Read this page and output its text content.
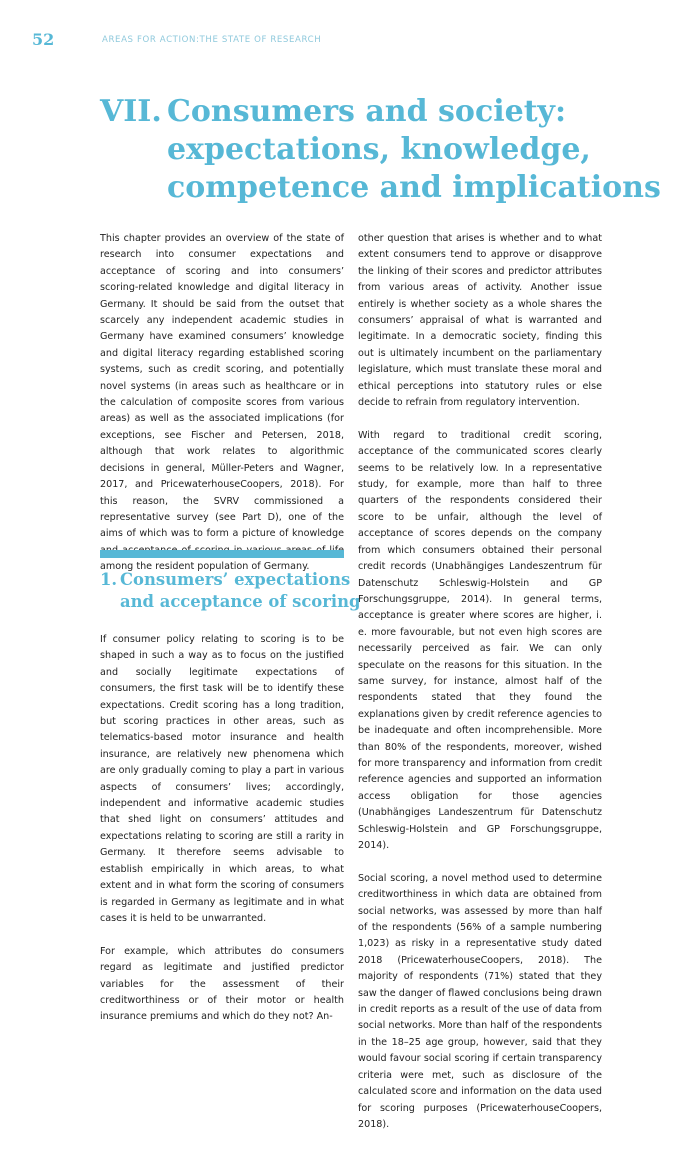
52	AREAS FOR ACTION:THE STATE OF RESEARCH
VII. Consumers and society:
expectations, knowledge,
competence and implications

This chapter provides an overview of the state of research into consumer expectations and acceptance of scoring and into consumers’ scoring-related knowledge and digital literacy in Germany. It should be said from the outset that scarcely any independent academic studies in Germany have examined consumers’ knowledge and digital literacy regarding established scoring systems, such as credit scoring, and potentially novel systems (in areas such as healthcare or in the calculation of composite scores from various areas) as well as the associated implications (for exceptions, see Fischer and Petersen, 2018, although that work relates to algorithmic decisions in general, Müller-Peters and Wagner, 2017, and PricewaterhouseCoopers, 2018). For this reason, the SVRV commissioned a representative survey (see Part D), one of the aims of which was to form a picture of knowledge among the resident population of Germany.

1. Consumers’ expectations
and acceptance of scoring

If consumer policy relating to scoring is to be shaped in such a way as to focus on the justified and socially legitimate expectations of consumers, the first task will be to identify these expectations. Credit scoring has a long tradition, but scoring practices in other areas, such as telematics-based motor insurance and health insurance, are relatively new phenomena which are only gradually coming to play a part in various aspects of consumers’ lives; accordingly, independent and informative academic studies that shed light on consumers’ attitudes and expectations relating to scoring are still a rarity in Germany. It therefore seems advisable to establish empirically in which areas, to what extent and in what form the scoring of consumers is regarded in Germany as legitimate and in what cases it is held to be unwarranted.

For example, which attributes do consumers regard as legitimate and justified predictor variables for the assessment of their creditworthiness or of their motor or health insurance premiums and which do they not? An-

other question that arises is whether and to what extent consumers tend to approve or disapprove the linking of their scores and predictor attributes from various areas of activity. Another issue entirely is whether society as a whole shares the consumers’ appraisal of what is warranted and legitimate. In a democratic society, finding this out is ultimately incumbent on the parliamentary legislature, which must translate these moral and ethical perceptions into statutory rules or else decide to refrain from regulatory intervention.

With regard to traditional credit scoring, acceptance of the communicated scores clearly seems to be relatively low. In a representative study, for example, more than half to three quarters of the respondents considered their score to be unfair, although the level of acceptance of scores depends on the company from which consumers obtained their personal credit records (Unabhängiges Landeszentrum für Datenschutz Schleswig-Holstein and GP Forschungsgruppe, 2014). In general terms, acceptance is greater where scores are higher, i. e. more favourable, but not even high scores are necessarily perceived as fair. We can only speculate on the reasons for this situation. In the same survey, for instance, almost half of the respondents stated that they found the explanations given by credit reference agencies to be inadequate and often incomprehensible. More than 80% of the respondents, moreover, wished for more transparency and information from credit reference agencies and supported an information access obligation for those agencies (Unabhängiges Landeszentrum für Datenschutz Schleswig-Holstein and GP Forschungsgruppe, 2014).

Social scoring, a novel method used to determine creditworthiness in which data are obtained from social networks, was assessed by more than half of the respondents (56% of a sample numbering 1,023) as risky in a representative study dated 2018 (PricewaterhouseCoopers, 2018). The majority of respondents (71%) stated that they saw the danger of flawed conclusions being drawn in credit reports as a result of the use of data from social networks. More than half of the respondents in the 18–25 age group, however, said that they would favour social scoring if certain transparency criteria were met, such as disclosure of the calculated score and information on the data used for scoring purposes (PricewaterhouseCoopers, 2018).
